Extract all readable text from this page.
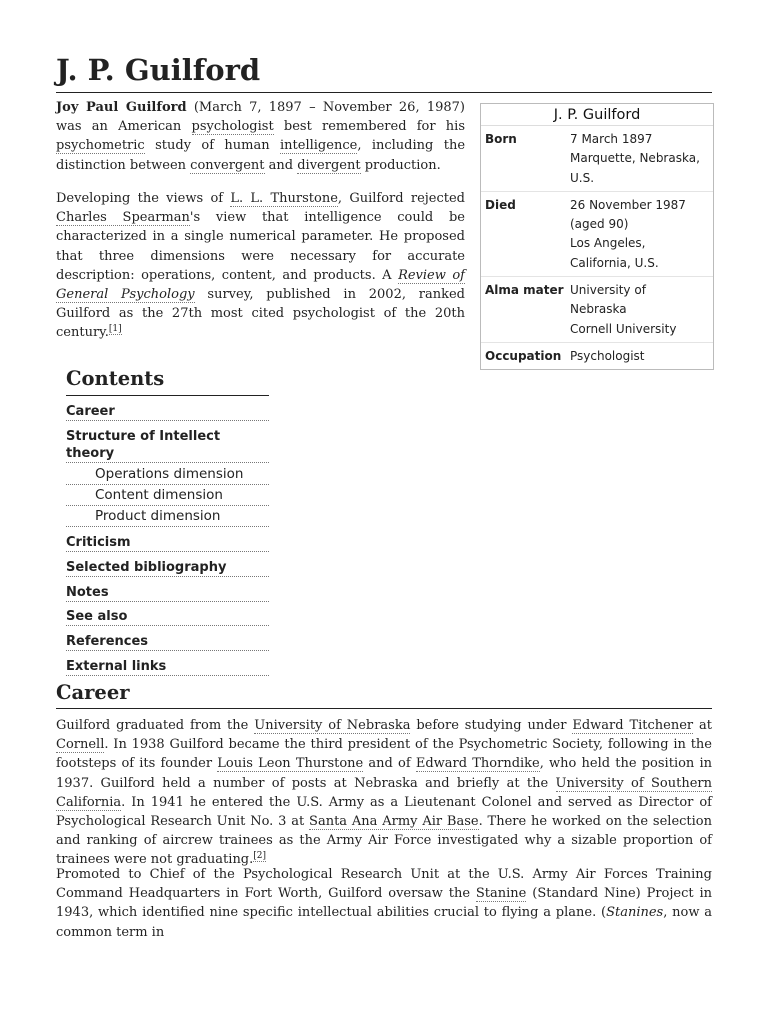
J. P. Guilford

Joy Paul Guilford (March 7, 1897 – November 26, 1987) was an American psychologist best remembered for his psychometric study of human intelligence, including the distinction between convergent and divergent production.

Developing the views of L. L. Thurstone, Guilford rejected Charles Spearman's view that intelligence could be characterized in a single numerical parameter. He proposed that three dimensions were necessary for accurate description: operations, content, and products. A Review of General Psychology survey, published in 2002, ranked Guilford as the 27th most cited psychologist of the 20th century.[1]

J. P. Guilford
Born	7 March 1897
Marquette, Nebraska,
U.S.
Died	26 November 1987
(aged 90)
Los Angeles,
California, U.S.
Alma mater University of
Nebraska
Cornell University
Occupation Psychologist
Contents
Career
Structure of Intellect theory
Operations dimension
Content dimension
Product dimension
Criticism
Selected bibliography
Notes
See also
References
External links
Career

Guilford graduated from the University of Nebraska before studying under Edward Titchener at Cornell. In 1938 Guilford became the third president of the Psychometric Society, following in the footsteps of its founder Louis Leon Thurstone and of Edward Thorndike, who held the position in 1937. Guilford held a number of posts at Nebraska and briefly at the University of Southern California. In 1941 he entered the U.S. Army as a Lieutenant Colonel and served as Director of Psychological Research Unit No. 3 at Santa Ana Army Air Base. There he worked on the selection and ranking of aircrew trainees as the Army Air Force investigated why a sizable proportion of trainees were not graduating.[2]

Promoted to Chief of the Psychological Research Unit at the U.S. Army Air Forces Training Command Headquarters in Fort Worth, Guilford oversaw the Stanine (Standard Nine) Project in 1943, which identified nine specific intellectual abilities crucial to flying a plane. (Stanines, now a common term in
